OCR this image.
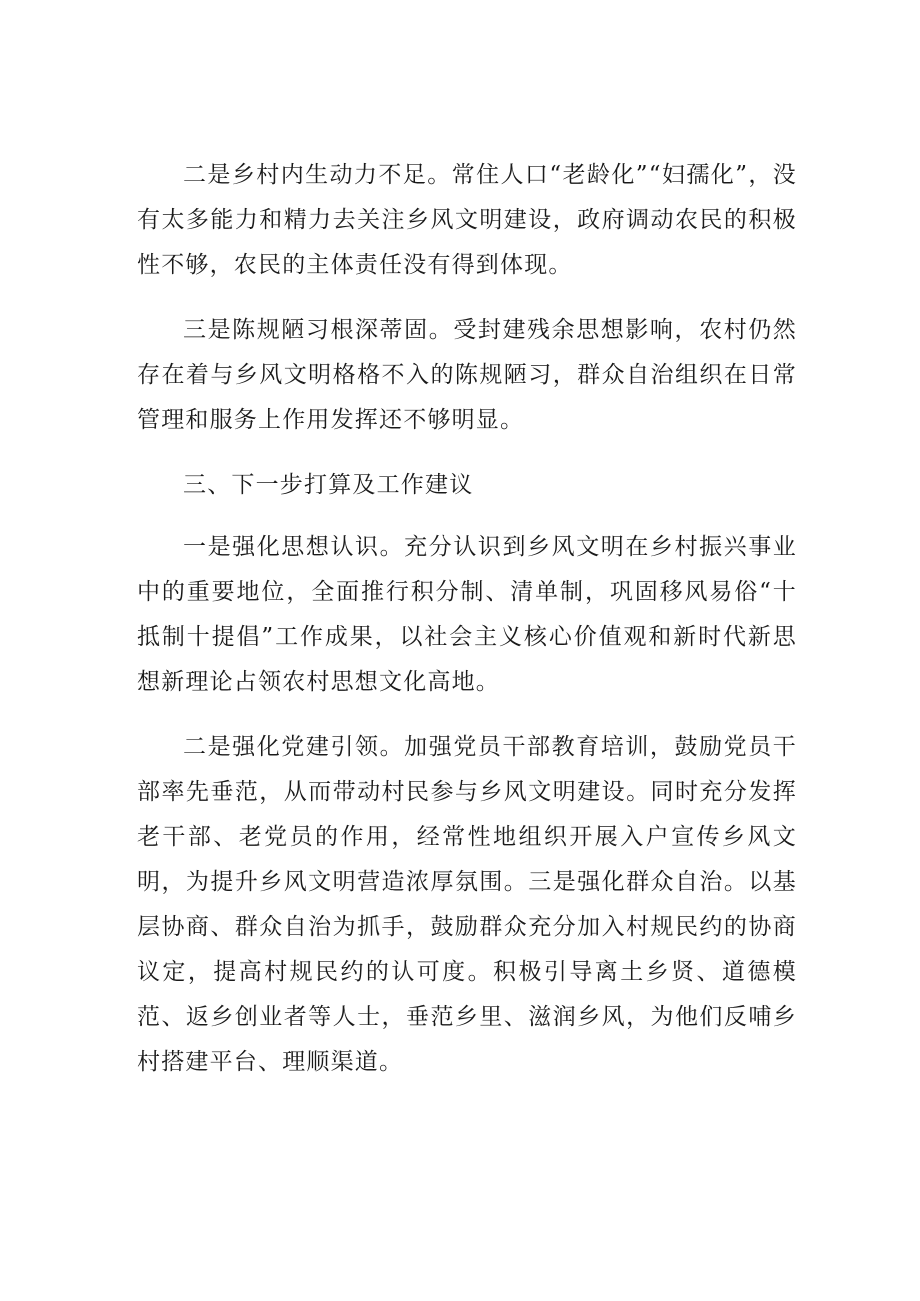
二是乡村内生动力不足。常住人口“老龄化”“妇孺化”，没有太多能力和精力去关注乡风文明建设，政府调动农民的积极性不够，农民的主体责任没有得到体现。

三是陈规陋习根深蒂固。受封建残余思想影响，农村仍然存在着与乡风文明格格不入的陈规陋习，群众自治组织在日常管理和服务上作用发挥还不够明显。

三、下一步打算及工作建议

一是强化思想认识。充分认识到乡风文明在乡村振兴事业中的重要地位，全面推行积分制、清单制，巩固移风易俗“十抵制十提倡”工作成果，以社会主义核心价值观和新时代新思想新理论占领农村思想文化高地。

二是强化党建引领。加强党员干部教育培训，鼓励党员干部率先垂范，从而带动村民参与乡风文明建设。同时充分发挥老干部、老党员的作用，经常性地组织开展入户宣传乡风文明，为提升乡风文明营造浓厚氛围。三是强化群众自治。以基层协商、群众自治为抓手，鼓励群众充分加入村规民约的协商议定，提高村规民约的认可度。积极引导离土乡贤、道德模范、返乡创业者等人士，垂范乡里、滋润乡风，为他们反哺乡村搭建平台、理顺渠道。
